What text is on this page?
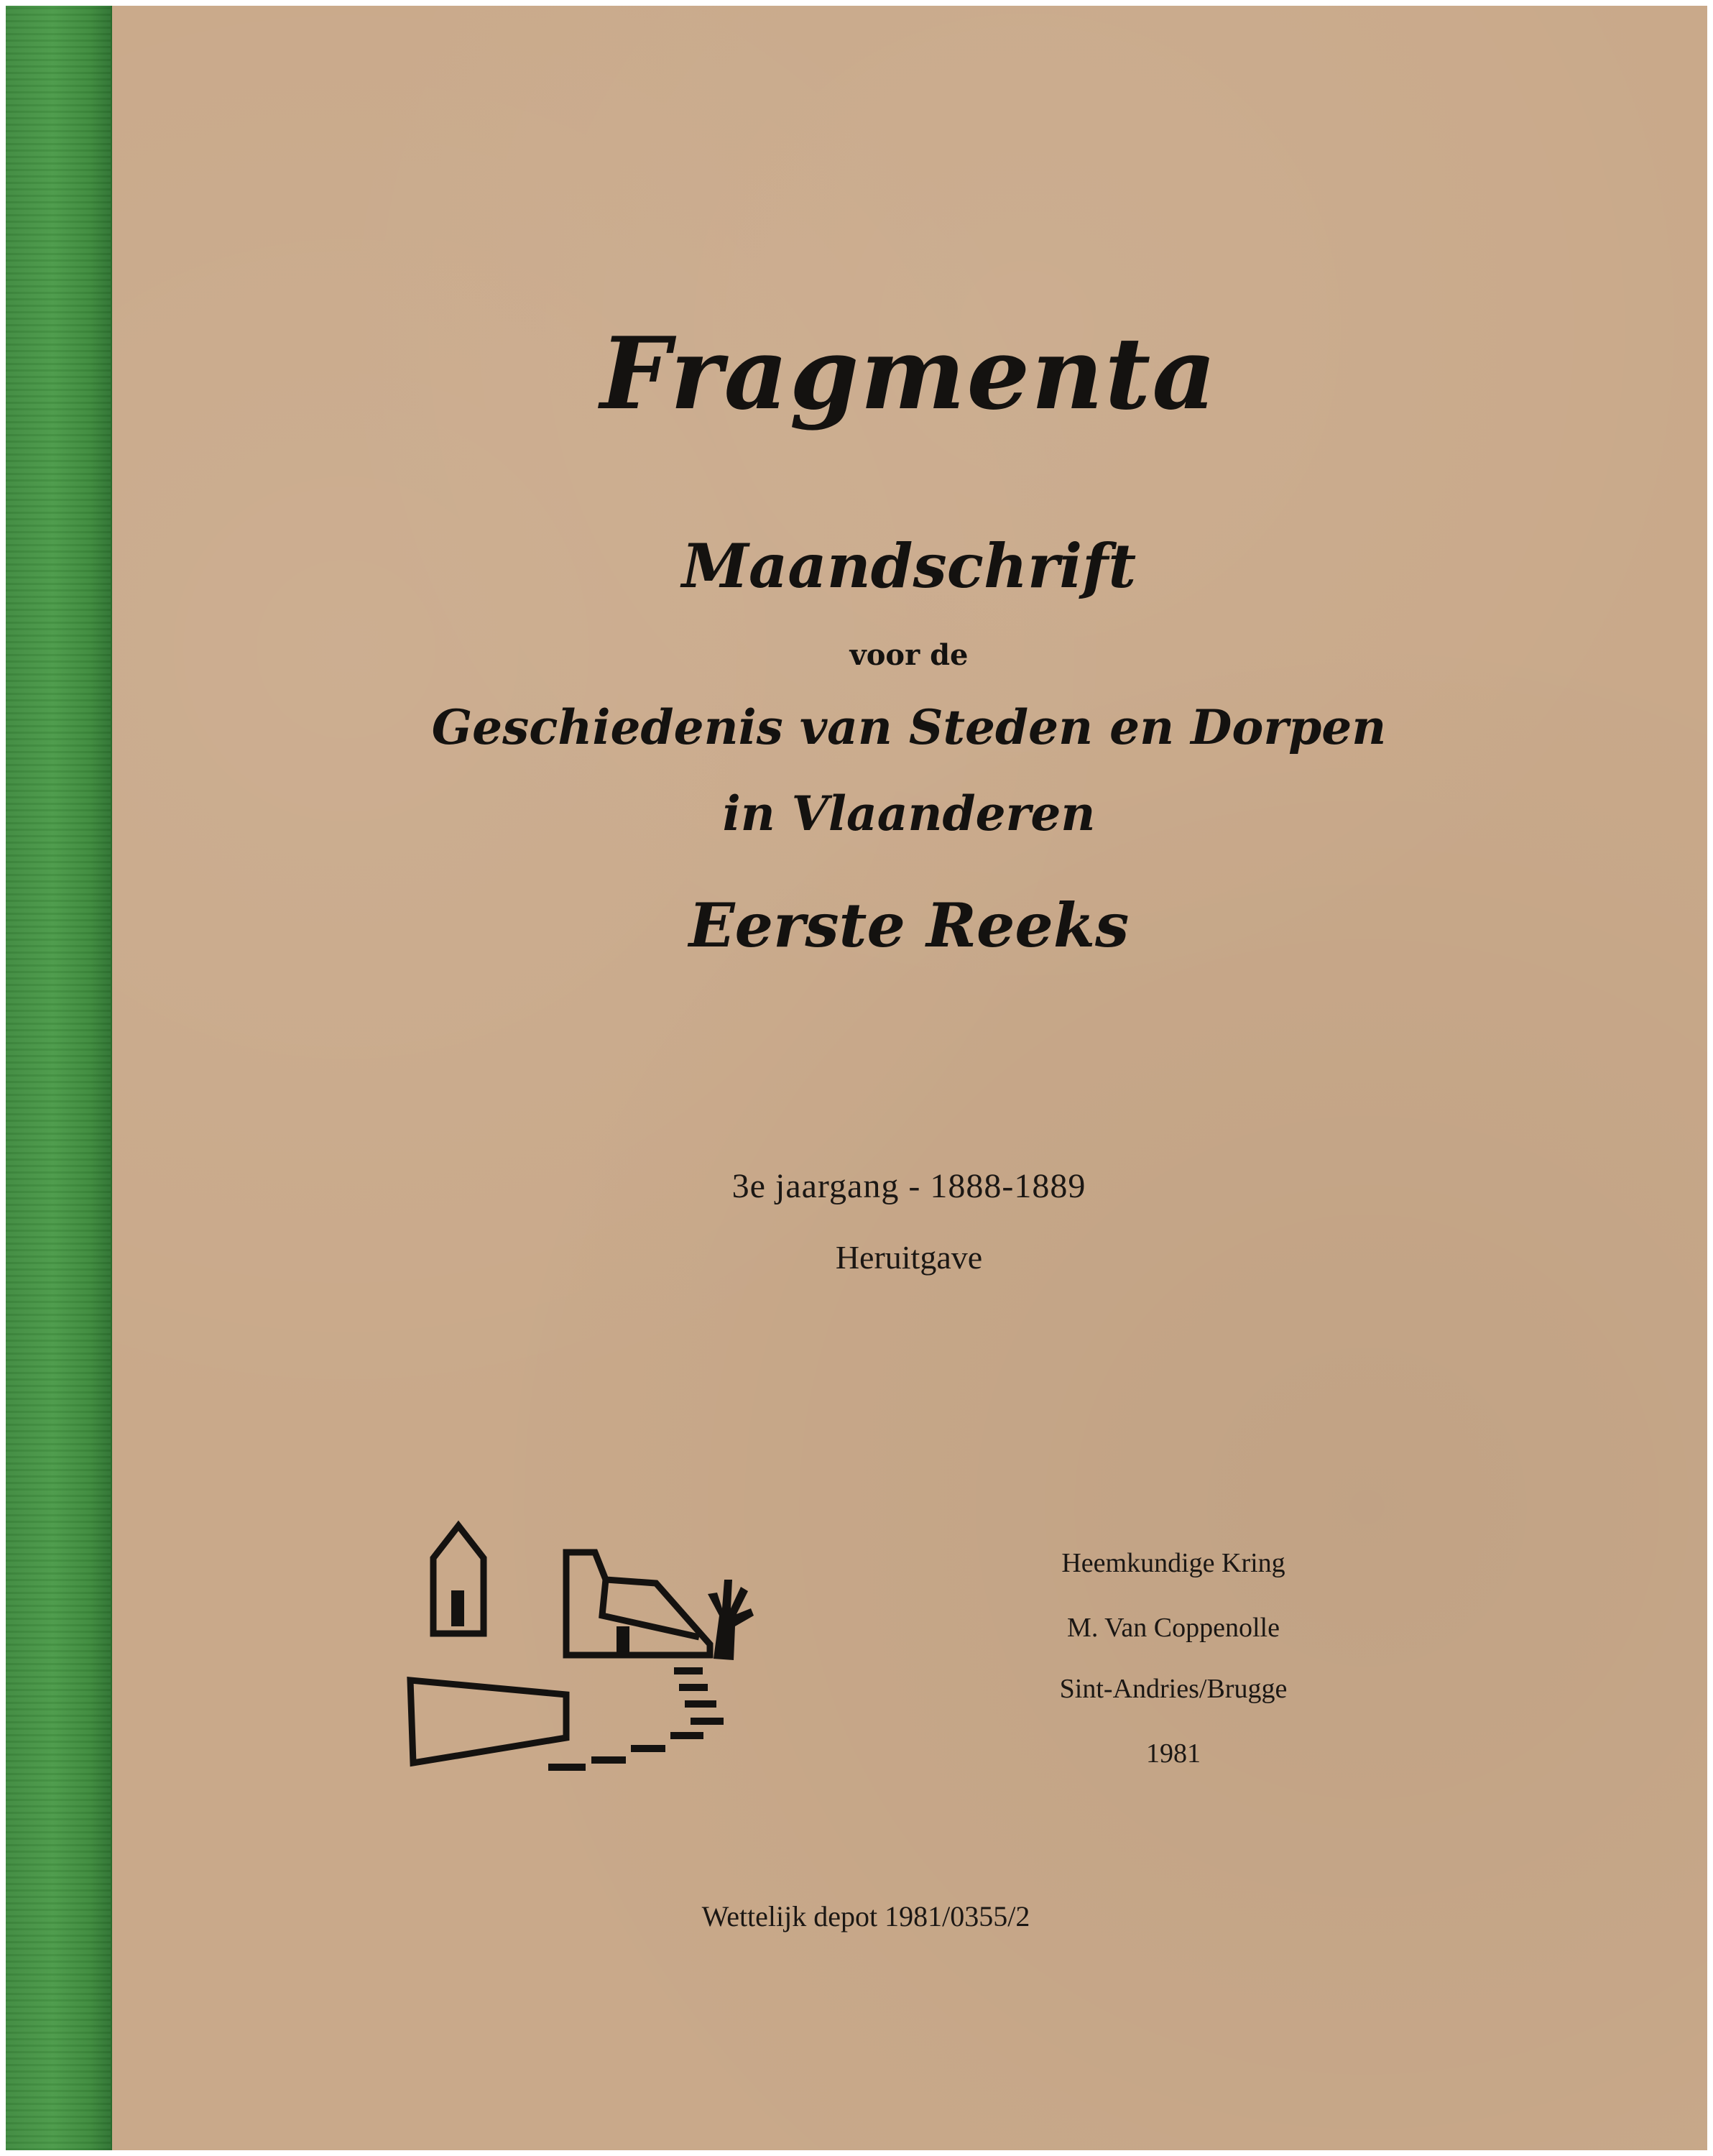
Fragmenta
Maandschrift
voor de
Geschiedenis van Steden en Dorpen
in Vlaanderen
Eerste Reeks
3e jaargang - 1888-1889
Heruitgave
Heemkundige Kring
M. Van Coppenolle
Sint-Andries/Brugge
1981
Wettelijk depot 1981/0355/2
